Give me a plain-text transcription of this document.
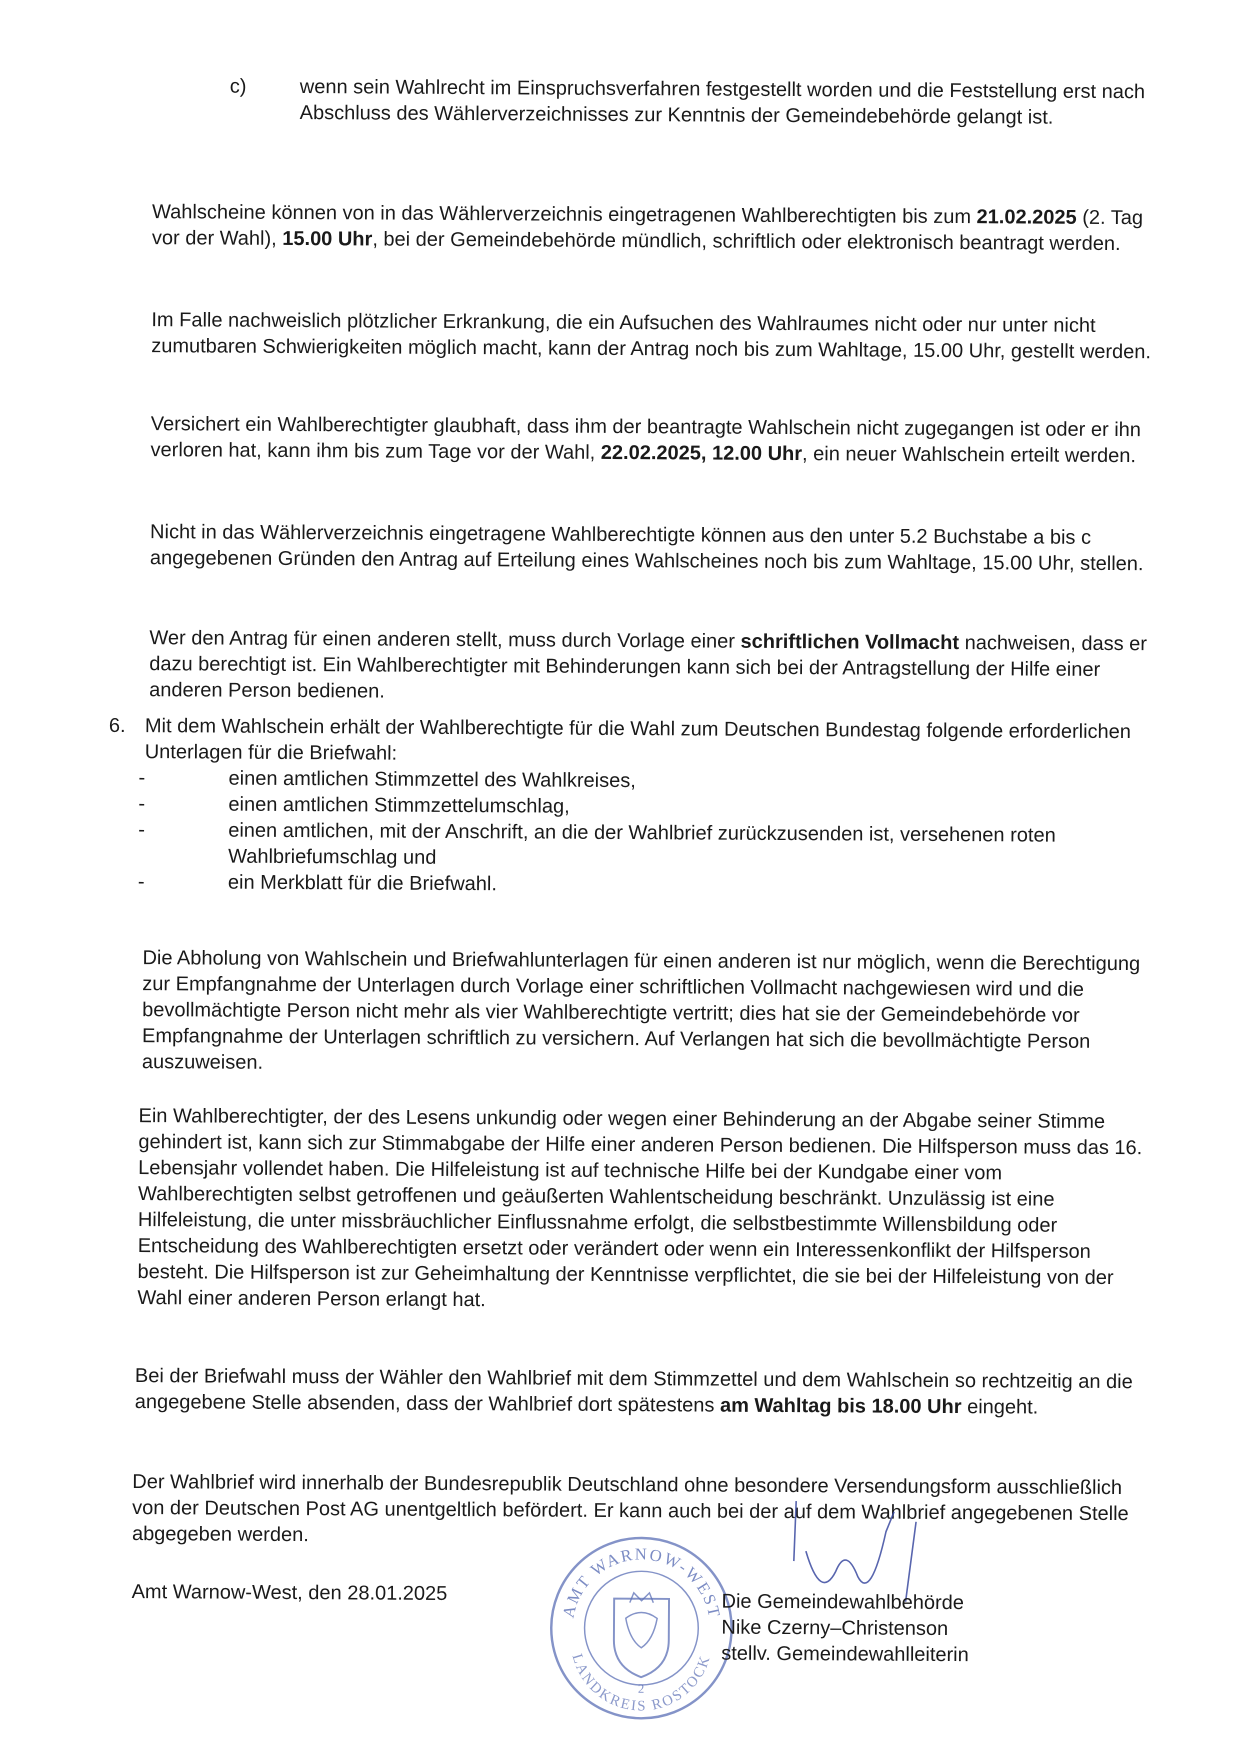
c)	wenn sein Wahlrecht im Einspruchsverfahren festgestellt worden und die Feststellung erst nach Abschluss des Wählerverzeichnisses zur Kenntnis der Gemeindebehörde gelangt ist.

Wahlscheine können von in das Wählerverzeichnis eingetragenen Wahlberechtigten bis zum 21.02.2025 (2. Tag vor der Wahl), 15.00 Uhr, bei der Gemeindebehörde mündlich, schriftlich oder elektronisch beantragt werden.

Im Falle nachweislich plötzlicher Erkrankung, die ein Aufsuchen des Wahlraumes nicht oder nur unter nicht zumutbaren Schwierigkeiten möglich macht, kann der Antrag noch bis zum Wahltage, 15.00 Uhr, gestellt werden.

Versichert ein Wahlberechtigter glaubhaft, dass ihm der beantragte Wahlschein nicht zugegangen ist oder er ihn verloren hat, kann ihm bis zum Tage vor der Wahl, 22.02.2025, 12.00 Uhr, ein neuer Wahlschein erteilt werden.

Nicht in das Wählerverzeichnis eingetragene Wahlberechtigte können aus den unter 5.2 Buchstabe a bis c angegebenen Gründen den Antrag auf Erteilung eines Wahlscheines noch bis zum Wahltage, 15.00 Uhr, stellen.

Wer den Antrag für einen anderen stellt, muss durch Vorlage einer schriftlichen Vollmacht nachweisen, dass er dazu berechtigt ist. Ein Wahlberechtigter mit Behinderungen kann sich bei der Antragstellung der Hilfe einer anderen Person bedienen.

6. Mit dem Wahlschein erhält der Wahlberechtigte für die Wahl zum Deutschen Bundestag folgende erforderlichen Unterlagen für die Briefwahl:

-	einen amtlichen Stimmzettel des Wahlkreises,
-	einen amtlichen Stimmzettelumschlag,
-	einen amtlichen, mit der Anschrift, an die der Wahlbrief zurückzusenden ist, versehenen roten Wahlbriefumschlag und
-	ein Merkblatt für die Briefwahl.

Die Abholung von Wahlschein und Briefwahlunterlagen für einen anderen ist nur möglich, wenn die Berechtigung zur Empfangnahme der Unterlagen durch Vorlage einer schriftlichen Vollmacht nachgewiesen wird und die bevollmächtigte Person nicht mehr als vier Wahlberechtigte vertritt; dies hat sie der Gemeindebehörde vor Empfangnahme der Unterlagen schriftlich zu versichern. Auf Verlangen hat sich die bevollmächtigte Person auszuweisen.

Ein Wahlberechtigter, der des Lesens unkundig oder wegen einer Behinderung an der Abgabe seiner Stimme gehindert ist, kann sich zur Stimmabgabe der Hilfe einer anderen Person bedienen. Die Hilfsperson muss das 16. Lebensjahr vollendet haben. Die Hilfeleistung ist auf technische Hilfe bei der Kundgabe einer vom Wahlberechtigten selbst getroffenen und geäußerten Wahlentscheidung beschränkt. Unzulässig ist eine Hilfeleistung, die unter missbräuchlicher Einflussnahme erfolgt, die selbstbestimmte Willensbildung oder Entscheidung des Wahlberechtigten ersetzt oder verändert oder wenn ein Interessenkonflikt der Hilfsperson besteht. Die Hilfsperson ist zur Geheimhaltung der Kenntnisse verpflichtet, die sie bei der Hilfeleistung von der Wahl einer anderen Person erlangt hat.

Bei der Briefwahl muss der Wähler den Wahlbrief mit dem Stimmzettel und dem Wahlschein so rechtzeitig an die angegebene Stelle absenden, dass der Wahlbrief dort spätestens am Wahltag bis 18.00 Uhr eingeht.

Der Wahlbrief wird innerhalb der Bundesrepublik Deutschland ohne besondere Versendungsform ausschließlich von der Deutschen Post AG unentgeltlich befördert. Er kann auch bei der auf dem Wahlbrief angegebenen Stelle abgegeben werden.

Amt Warnow-West, den 28.01.2025
AMT WARNOW-WEST
LANDKREIS ROSTOCK
2
Die Gemeindewahlbehörde
Nike Czerny–Christenson
stellv. Gemeindewahlleiterin
